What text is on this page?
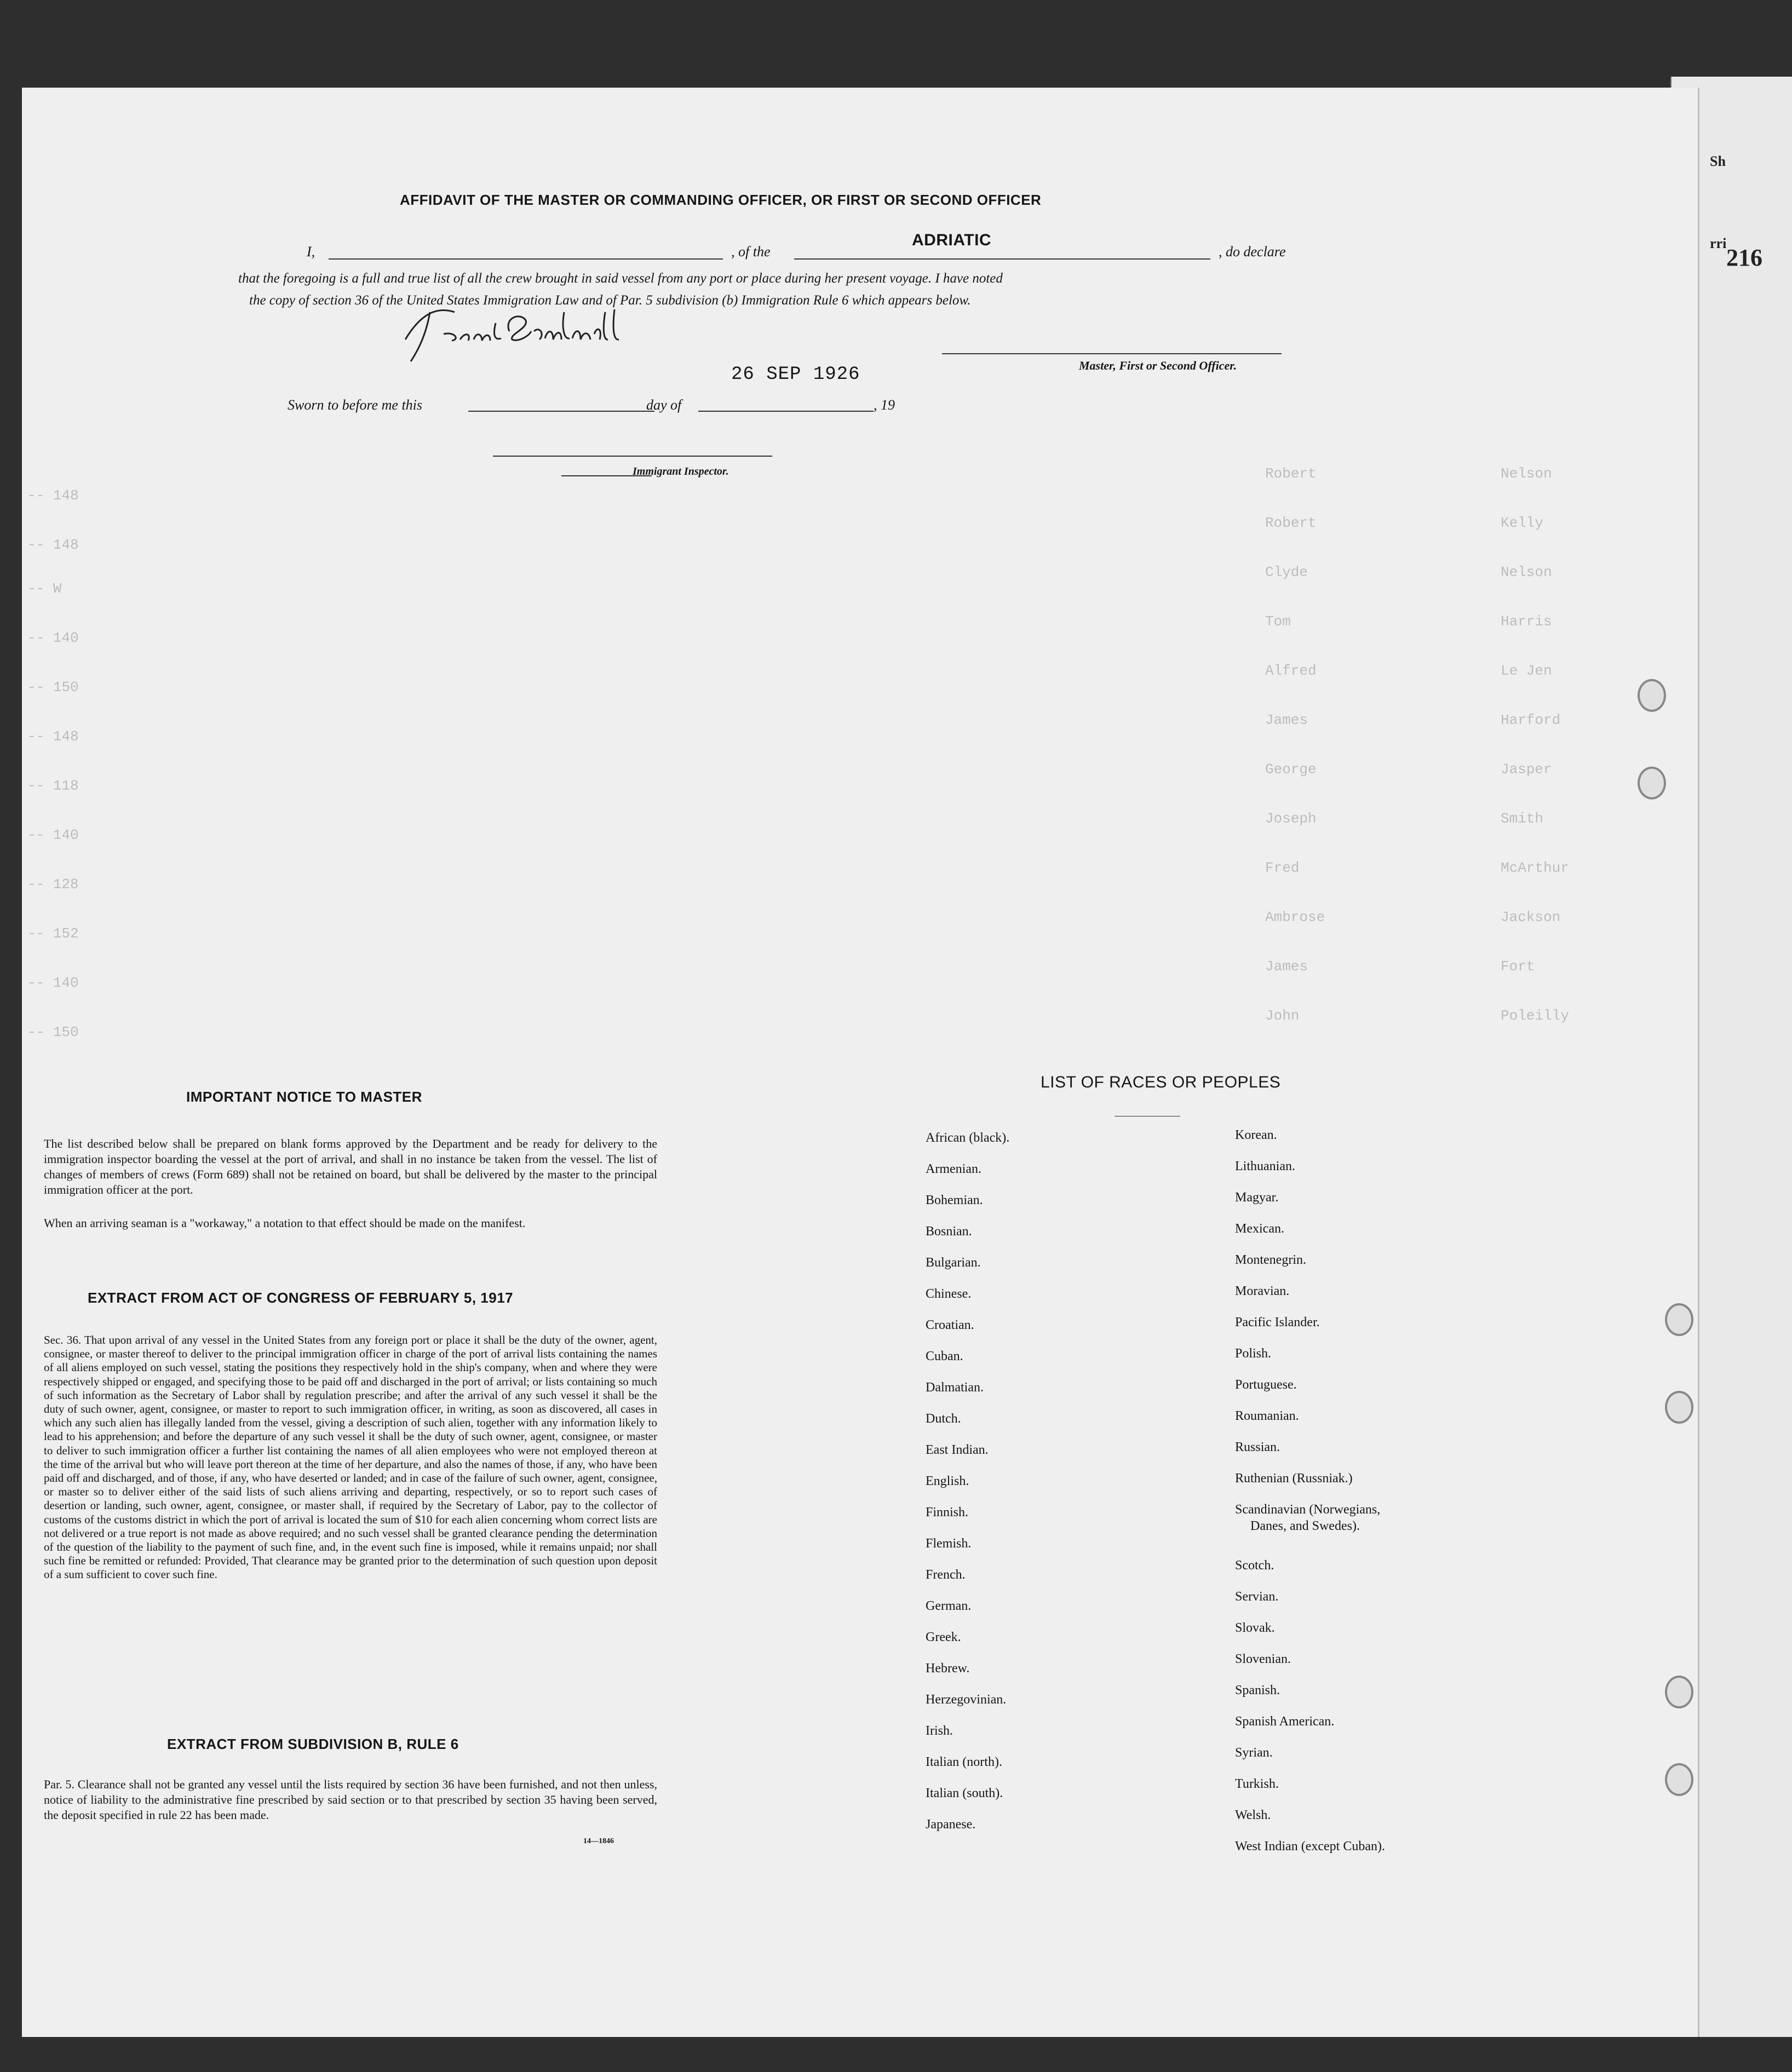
Sh
rri
216
-- 148
-- 148
-- W
-- 140
-- 150
-- 148
-- 118
-- 140
-- 128
-- 152
-- 140
-- 150
Robert
Robert
Clyde
Tom
Alfred
James
George
Joseph
Fred
Ambrose
James
John
Nelson
Kelly
Nelson
Harris
Le Jen
Harford
Jasper
Smith
McArthur
Jackson
Fort
Poleilly
AFFIDAVIT OF THE MASTER OR COMMANDING OFFICER, OR FIRST OR SECOND OFFICER
I,	, of the
ADRIATIC
, do declare
that the foregoing is a full and true list of all the crew brought in said vessel from any port or place during her present voyage. I have noted
the copy of section 36 of the United States Immigration Law and of Par. 5 subdivision (b) Immigration Rule 6 which appears below.
Master, First or Second Officer.
Sworn to before me this	day of
26 SEP 1926
, 19
Immigrant Inspector.
IMPORTANT NOTICE TO MASTER

The list described below shall be prepared on blank forms approved by the Department and be ready for delivery to the immigration inspector boarding the vessel at the port of arrival, and shall in no instance be taken from the vessel. The list of changes of members of crews (Form 689) shall not be retained on board, but shall be delivered by the master to the principal immigration officer at the port.

When an arriving seaman is a "workaway," a notation to that effect should be made on the manifest.

EXTRACT FROM ACT OF CONGRESS OF FEBRUARY 5, 1917

Sec. 36. That upon arrival of any vessel in the United States from any foreign port or place it shall be the duty of the owner, agent, consignee, or master thereof to deliver to the principal immigration officer in charge of the port of arrival lists containing the names of all aliens employed on such vessel, stating the positions they respectively hold in the ship's company, when and where they were respectively shipped or engaged, and specifying those to be paid off and discharged in the port of arrival; or lists containing so much of such information as the Secretary of Labor shall by regulation prescribe; and after the arrival of any such vessel it shall be the duty of such owner, agent, consignee, or master to report to such immigration officer, in writing, as soon as discovered, all cases in which any such alien has illegally landed from the vessel, giving a description of such alien, together with any information likely to lead to his apprehension; and before the departure of any such vessel it shall be the duty of such owner, agent, consignee, or master to deliver to such immigration officer a further list containing the names of all alien employees who were not employed thereon at the time of the arrival but who will leave port thereon at the time of her departure, and also the names of those, if any, who have been paid off and discharged, and of those, if any, who have deserted or landed; and in case of the failure of such owner, agent, consignee, or master so to deliver either of the said lists of such aliens arriving and departing, respectively, or so to report such cases of desertion or landing, such owner, agent, consignee, or master shall, if required by the Secretary of Labor, pay to the collector of customs of the customs district in which the port of arrival is located the sum of $10 for each alien concerning whom correct lists are not delivered or a true report is not made as above required; and no such vessel shall be granted clearance pending the determination of the question of the liability to the payment of such fine, and, in the event such fine is imposed, while it remains unpaid; nor shall such fine be remitted or refunded: Provided, That clearance may be granted prior to the determination of such question upon deposit of a sum sufficient to cover such fine.

EXTRACT FROM SUBDIVISION B, RULE 6

Par. 5. Clearance shall not be granted any vessel until the lists required by section 36 have been furnished, and not then unless, notice of liability to the administrative fine prescribed by said section or to that prescribed by section 35 having been served, the deposit specified in rule 22 has been made.

14—1846
LIST OF RACES OR PEOPLES
African (black).
Armenian.
Bohemian.
Bosnian.
Bulgarian.
Chinese.
Croatian.
Cuban.
Dalmatian.
Dutch.
East Indian.
English.
Finnish.
Flemish.
French.
German.
Greek.
Hebrew.
Herzegovinian.
Irish.
Italian (north).
Italian (south).
Japanese.
Korean.
Lithuanian.
Magyar.
Mexican.
Montenegrin.
Moravian.
Pacific Islander.
Polish.
Portuguese.
Roumanian.
Russian.
Ruthenian (Russniak.)
Scandinavian (Norwegians,
Danes, and Swedes).
Scotch.
Servian.
Slovak.
Slovenian.
Spanish.
Spanish American.
Syrian.
Turkish.
Welsh.
West Indian (except Cuban).
